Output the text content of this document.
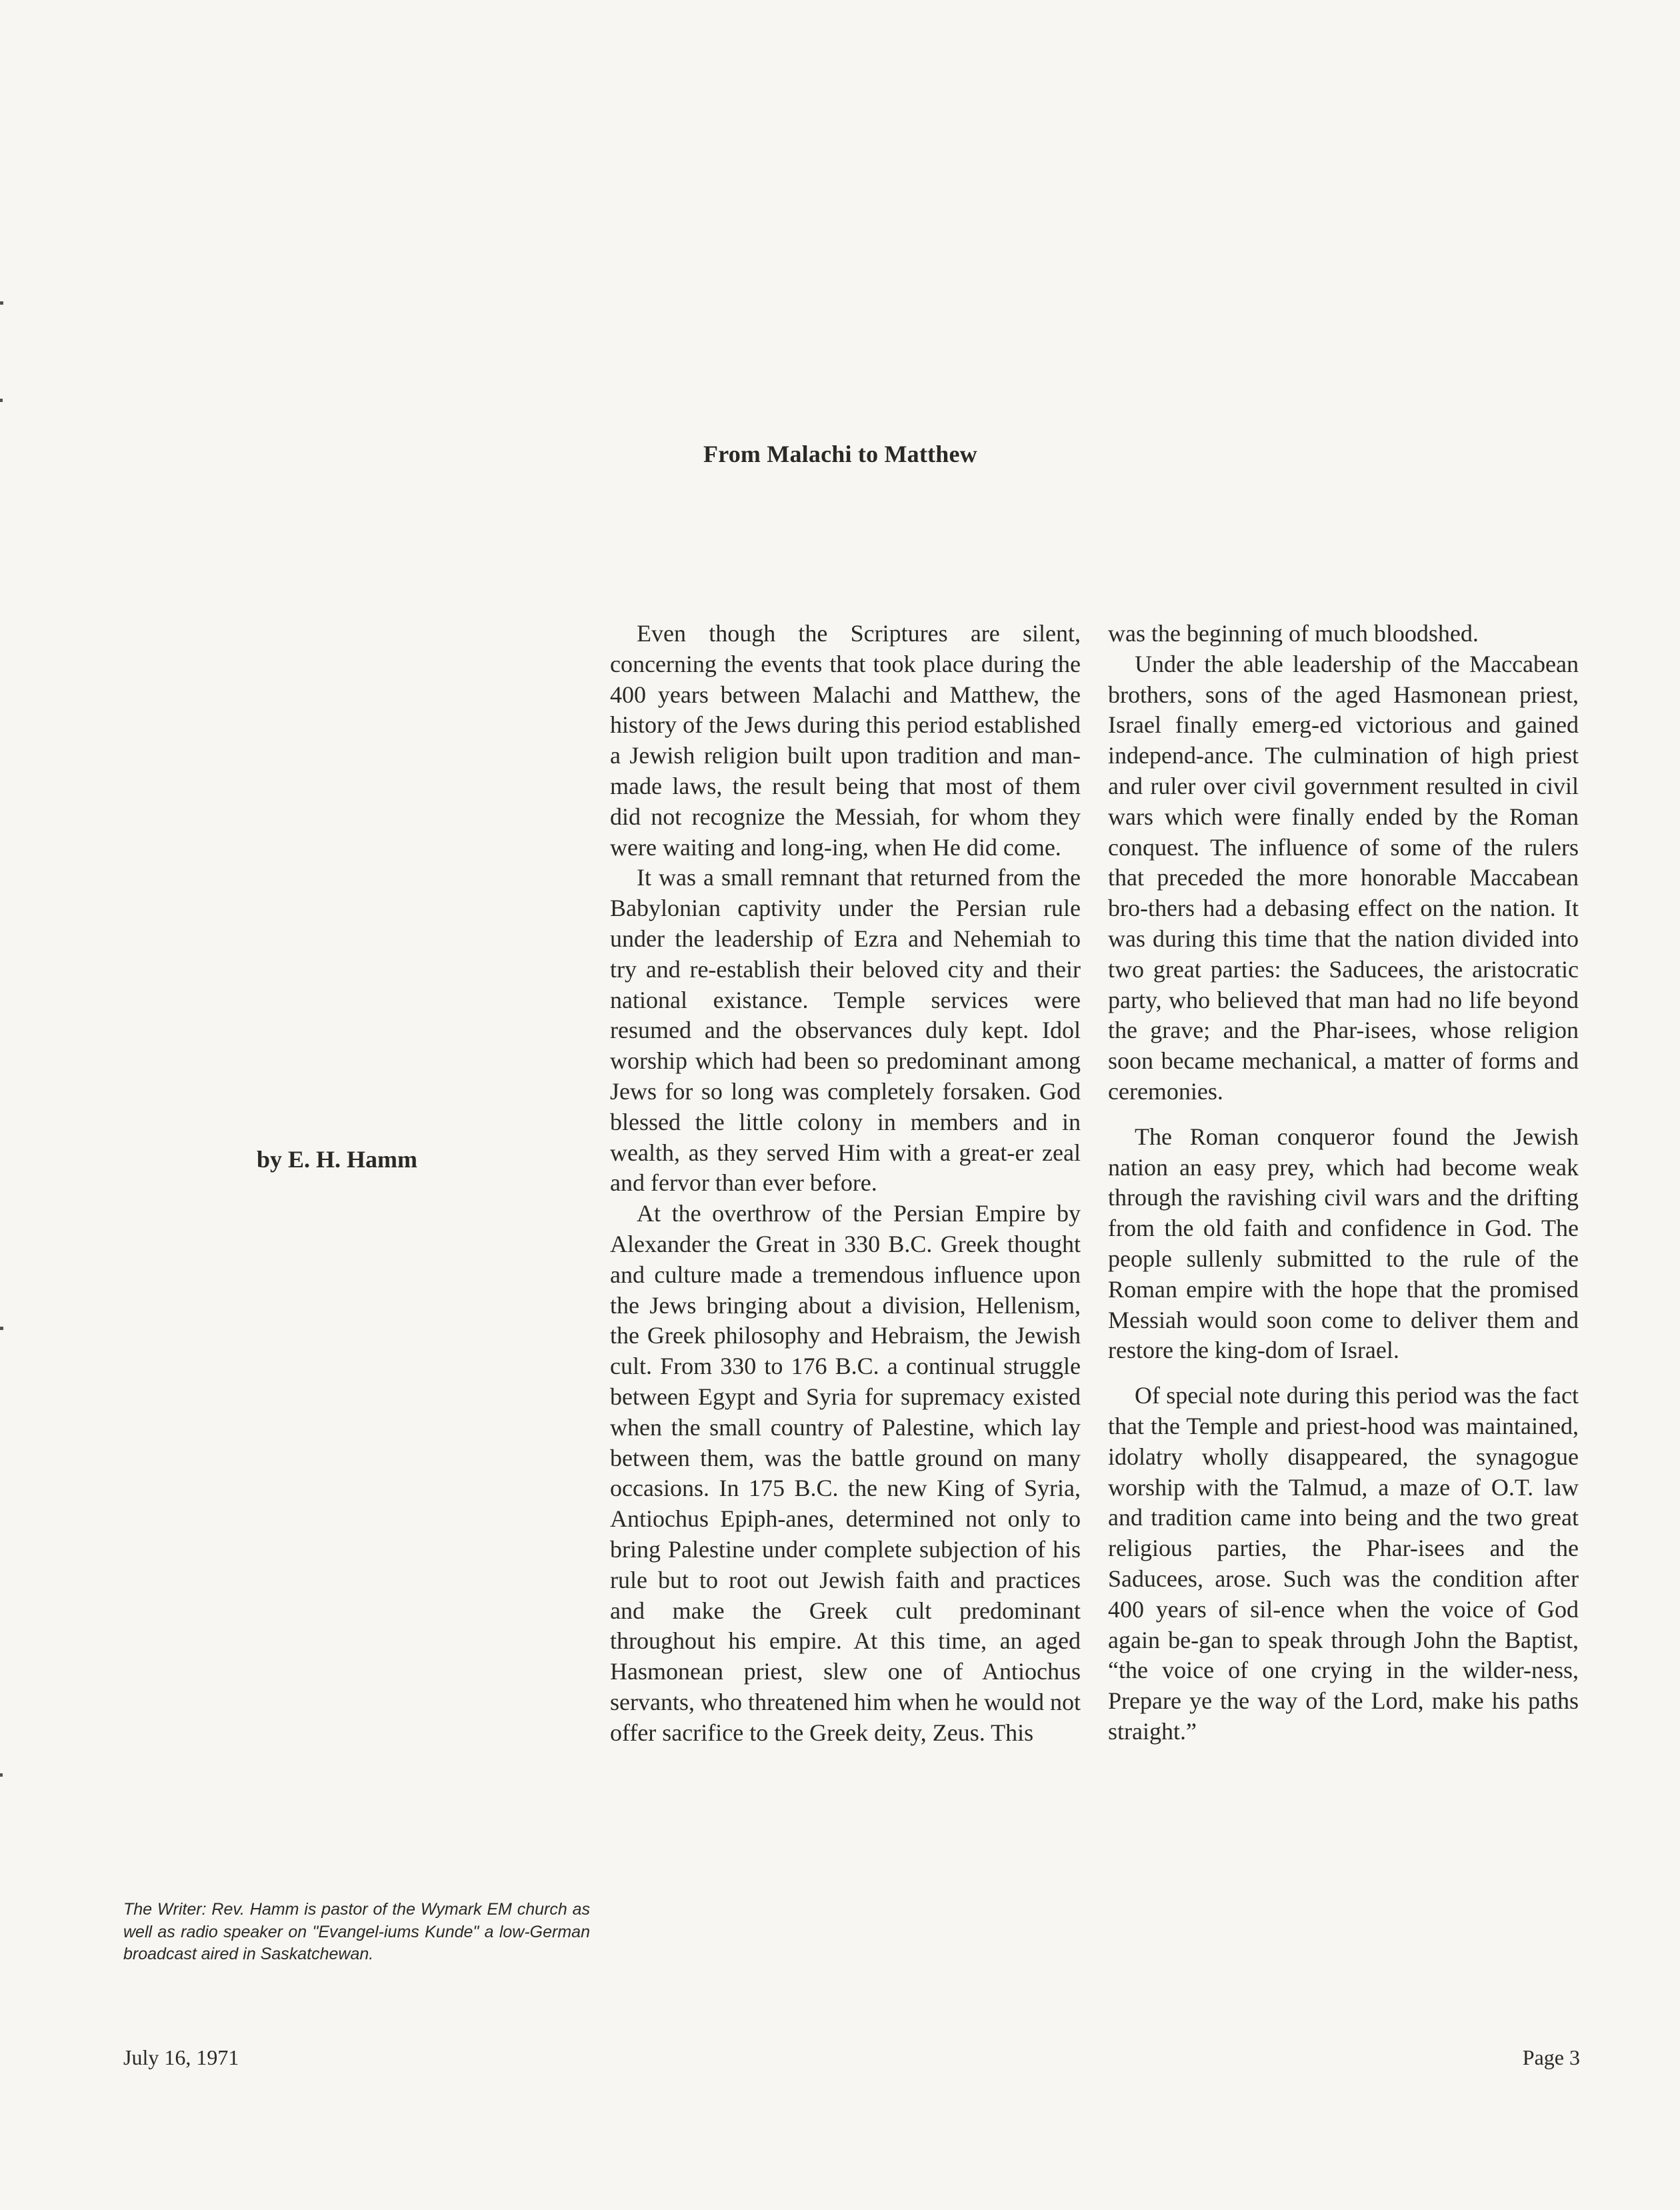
From Malachi to Matthew
by E. H. Hamm

Even though the Scriptures are silent, concerning the events that took place during the 400 years between Malachi and Matthew, the history of the Jews during this period established a Jewish religion built upon tradition and man-made laws, the result being that most of them did not recognize the Messiah, for whom they were waiting and long-ing, when He did come.

It was a small remnant that returned from the Babylonian captivity under the Persian rule under the leadership of Ezra and Nehemiah to try and re-establish their beloved city and their national existance. Temple services were resumed and the observances duly kept. Idol worship which had been so predominant among Jews for so long was completely forsaken. God blessed the little colony in members and in wealth, as they served Him with a great-er zeal and fervor than ever before.

At the overthrow of the Persian Empire by Alexander the Great in 330 B.C. Greek thought and culture made a tremendous influence upon the Jews bringing about a division, Hellenism, the Greek philosophy and Hebraism, the Jewish cult. From 330 to 176 B.C. a continual struggle between Egypt and Syria for supremacy existed when the small country of Palestine, which lay between them, was the battle ground on many occasions. In 175 B.C. the new King of Syria, Antiochus Epiph-anes, determined not only to bring Palestine under complete subjection of his rule but to root out Jewish faith and practices and make the Greek cult predominant throughout his empire. At this time, an aged Hasmonean priest, slew one of Antiochus servants, who threatened him when he would not offer sacrifice to the Greek deity, Zeus. This

was the beginning of much bloodshed.

Under the able leadership of the Maccabean brothers, sons of the aged Hasmonean priest, Israel finally emerg-ed victorious and gained independ-ance. The culmination of high priest and ruler over civil government resulted in civil wars which were finally ended by the Roman conquest. The influence of some of the rulers that preceded the more honorable Maccabean bro-thers had a debasing effect on the nation. It was during this time that the nation divided into two great parties: the Saducees, the aristocratic party, who believed that man had no life beyond the grave; and the Phar-isees, whose religion soon became mechanical, a matter of forms and ceremonies.

The Roman conqueror found the Jewish nation an easy prey, which had become weak through the ravishing civil wars and the drifting from the old faith and confidence in God. The people sullenly submitted to the rule of the Roman empire with the hope that the promised Messiah would soon come to deliver them and restore the king-dom of Israel.

Of special note during this period was the fact that the Temple and priest-hood was maintained, idolatry wholly disappeared, the synagogue worship with the Talmud, a maze of O.T. law and tradition came into being and the two great religious parties, the Phar-isees and the Saducees, arose. Such was the condition after 400 years of sil-ence when the voice of God again be-gan to speak through John the Baptist, “the voice of one crying in the wilder-ness, Prepare ye the way of the Lord, make his paths straight.”

The Writer: Rev. Hamm is pastor of the Wymark EM church as well as radio speaker on "Evangel-iums Kunde" a low-German broadcast aired in Saskatchewan.
July 16, 1971	Page 3
